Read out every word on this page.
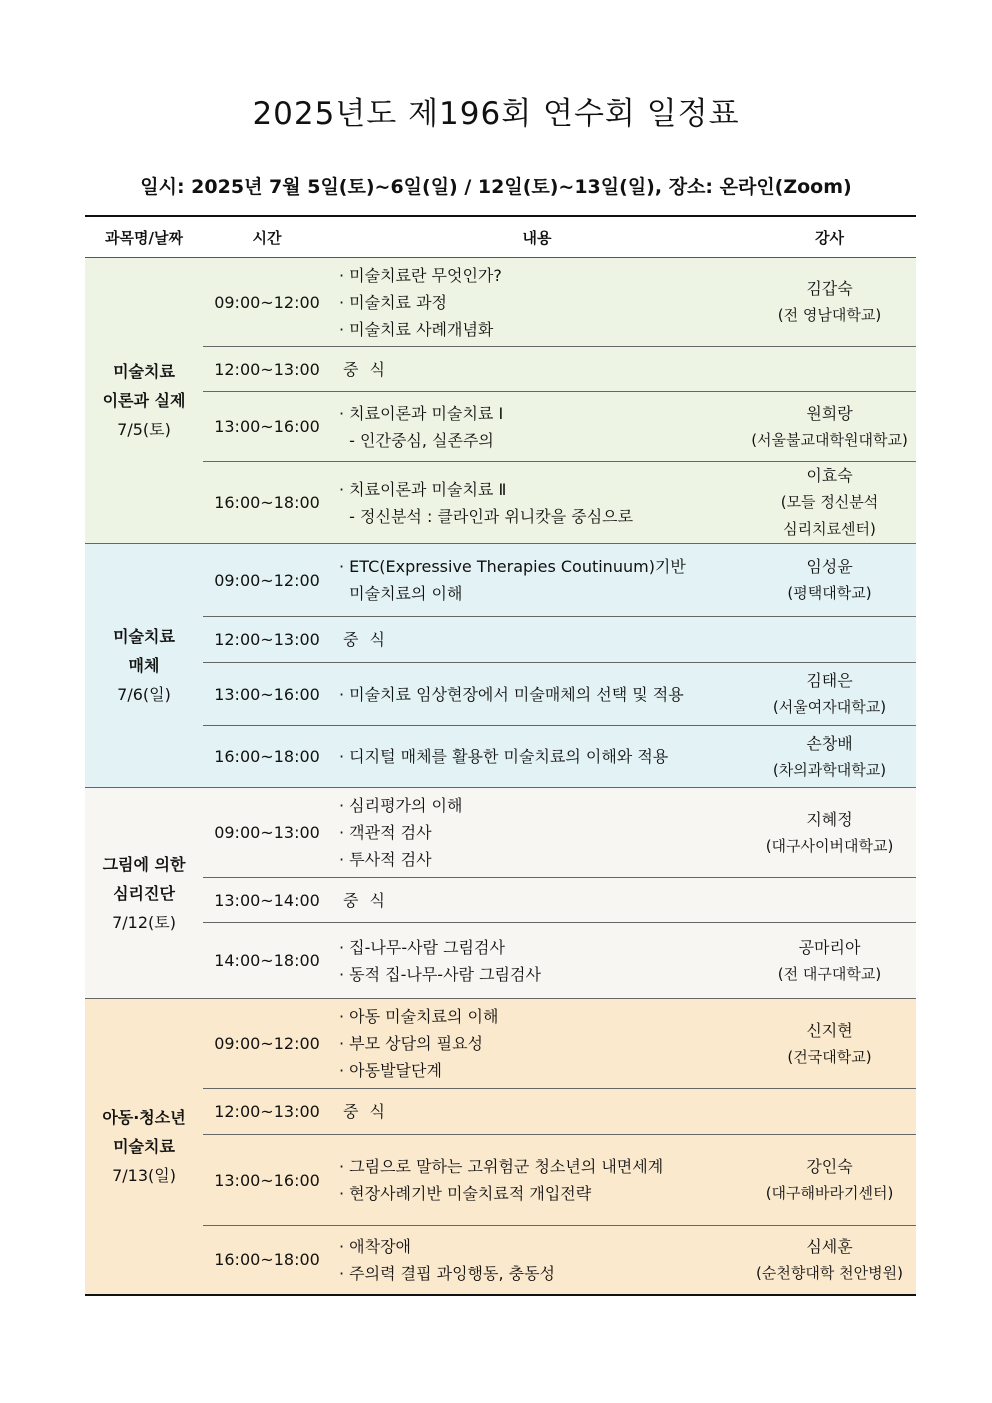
2025년도 제196회 연수회 일정표
일시: 2025년 7월 5일(토)~6일(일) / 12일(토)~13일(일), 장소: 온라인(Zoom)
과목명/날짜	시간	내용	강사

미술치료
이론과 실제
7/5(토)	09:00~12:00	· 미술치료란 무엇인가?
· 미술치료 과정
· 미술치료 사례개념화	김갑숙
(전 영남대학교)

	12:00~13:00	중 식	

	13:00~16:00	· 치료이론과 미술치료 Ⅰ
- 인간중심, 실존주의	원희랑
(서울불교대학원대학교)

	16:00~18:00	· 치료이론과 미술치료 Ⅱ
- 정신분석 : 클라인과 위니캇을 중심으로	이효숙
(모들 정신분석
심리치료센터)

미술치료
매체
7/6(일)	09:00~12:00	· ETC(Expressive Therapies Coutinuum)기반
미술치료의 이해	임성윤
(평택대학교)

	12:00~13:00	중 식	

	13:00~16:00	· 미술치료 임상현장에서 미술매체의 선택 및 적용	김태은
(서울여자대학교)

	16:00~18:00	· 디지털 매체를 활용한 미술치료의 이해와 적용	손창배
(차의과학대학교)

그림에 의한
심리진단
7/12(토)	09:00~13:00	· 심리평가의 이해
· 객관적 검사
· 투사적 검사	지혜정
(대구사이버대학교)

	13:00~14:00	중 식	

	14:00~18:00	· 집-나무-사람 그림검사
· 동적 집-나무-사람 그림검사	공마리아
(전 대구대학교)

아동·청소년
미술치료
7/13(일)	09:00~12:00	· 아동 미술치료의 이해
· 부모 상담의 필요성
· 아동발달단계	신지현
(건국대학교)

	12:00~13:00	중 식	

	13:00~16:00	· 그림으로 말하는 고위험군 청소년의 내면세계
· 현장사례기반 미술치료적 개입전략	강인숙
(대구해바라기센터)

	16:00~18:00	· 애착장애
· 주의력 결핍 과잉행동, 충동성	심세훈
(순천향대학 천안병원)
